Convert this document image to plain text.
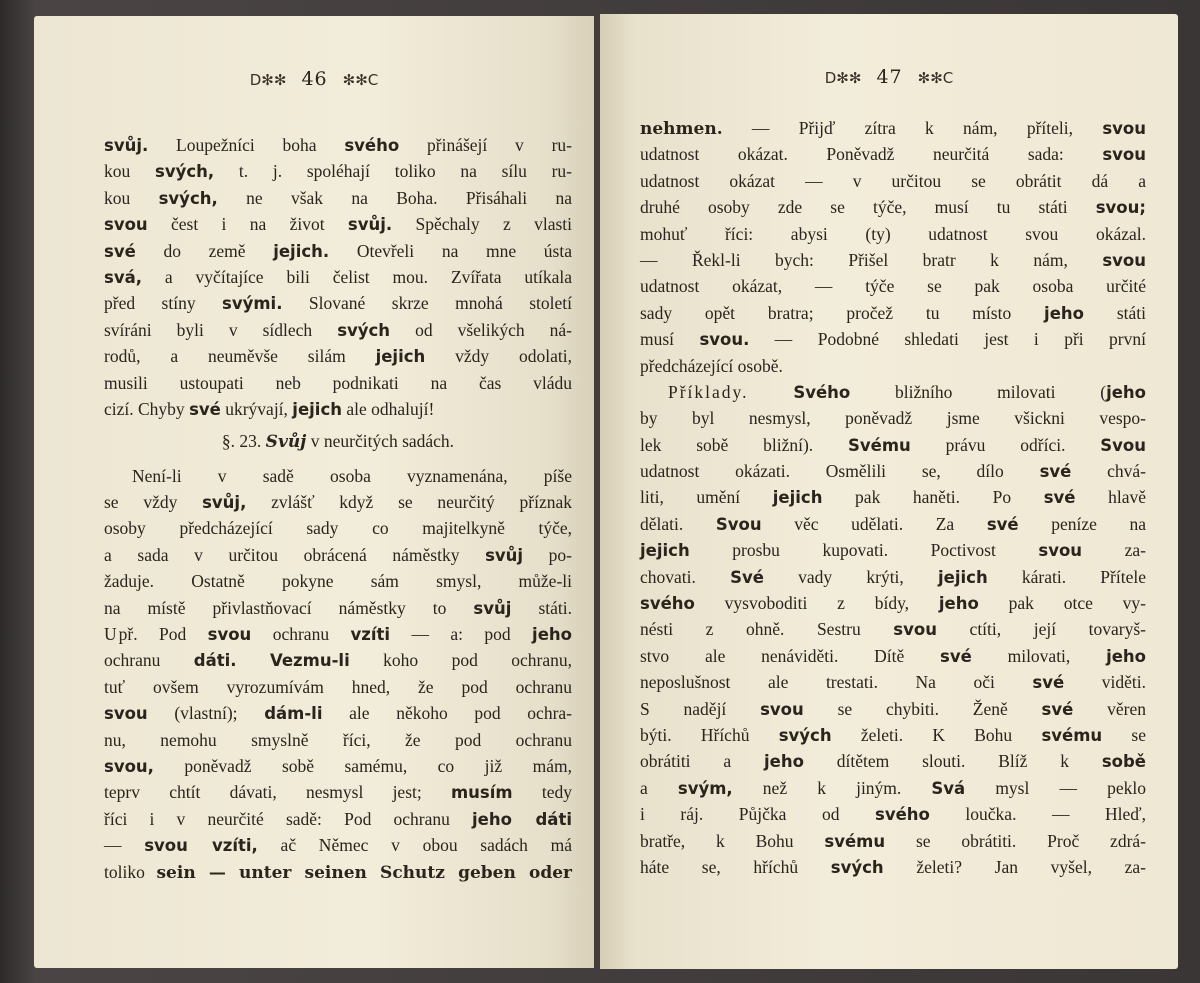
D✻✻ 46 ✻✻C
svůj. Loupežníci boha svého přinášejí v ru-
kou svých, t. j. spoléhají toliko na sílu ru-
kou svých, ne však na Boha. Přisáhali na
svou čest i na život svůj. Spěchaly z vlasti
své do země jejich. Otevřeli na mne ústa
svá, a vyčítajíce bili čelist mou. Zvířata utíkala
před stíny svými. Slované skrze mnohá století
svíráni byli v sídlech svých od všelikých ná-
rodů, a neuměvše silám jejich vždy odolati,
musili ustoupati neb podnikati na čas vládu
cizí. Chyby své ukrývají, jejich ale odhalují!
§. 23. Svůj v neurčitých sadách.
Není-li v sadě osoba vyznamenána, píše
se vždy svůj, zvlášť když se neurčitý příznak
osoby předcházející sady co majitelkyně týče,
a sada v určitou obrácená náměstky svůj po-
žaduje. Ostatně pokyne sám smysl, může-li
na místě přivlastňovací náměstky to svůj státi.
Upř. Pod svou ochranu vzíti — a: pod jeho
ochranu dáti. Vezmu-li koho pod ochranu,
tuť ovšem vyrozumívám hned, že pod ochranu
svou (vlastní); dám-li ale někoho pod ochra-
nu, nemohu smyslně říci, že pod ochranu
svou, poněvadž sobě samému, co již mám,
teprv chtít dávati, nesmysl jest; musím tedy
říci i v neurčité sadě: Pod ochranu jeho dáti
— svou vzíti, ač Němec v obou sadách má
toliko sein — unter seinen Schutz geben oder
D✻✻ 47 ✻✻C
nehmen. — Přijď zítra k nám, příteli, svou
udatnost okázat. Poněvadž neurčitá sada: svou
udatnost okázat — v určitou se obrátit dá a
druhé osoby zde se týče, musí tu státi svou;
mohuť říci: abysi (ty) udatnost svou okázal.
— Řekl-li bych: Přišel bratr k nám, svou
udatnost okázat, — týče se pak osoba určité
sady opět bratra; pročež tu místo jeho státi
musí svou. — Podobné shledati jest i při první
předcházející osobě.
Příklady.	Svého bližního milovati (jeho
by byl nesmysl, poněvadž jsme všickni vespo-
lek sobě bližní). Svému právu odříci. Svou
udatnost okázati. Osmělili se, dílo své chvá-
liti, umění jejich pak haněti. Po své hlavě
dělati. Svou věc udělati. Za své peníze na
jejich prosbu kupovati. Poctivost svou za-
chovati. Své vady krýti, jejich kárati. Přítele
svého vysvoboditi z bídy, jeho pak otce vy-
nésti z ohně. Sestru svou ctíti, její tovaryš-
stvo ale nenáviděti. Dítě své milovati, jeho
neposlušnost ale trestati. Na oči své viděti.
S nadějí svou se chybiti. Ženě své věren
býti. Hříchů svých želeti. K Bohu svému se
obrátiti a jeho dítětem slouti. Blíž k sobě
a svým, než k jiným. Svá mysl — peklo
i ráj. Půjčka od svého loučka. — Hleď,
bratře, k Bohu svému se obrátiti. Proč zdrá-
háte se, hříchů svých želeti? Jan vyšel, za-
